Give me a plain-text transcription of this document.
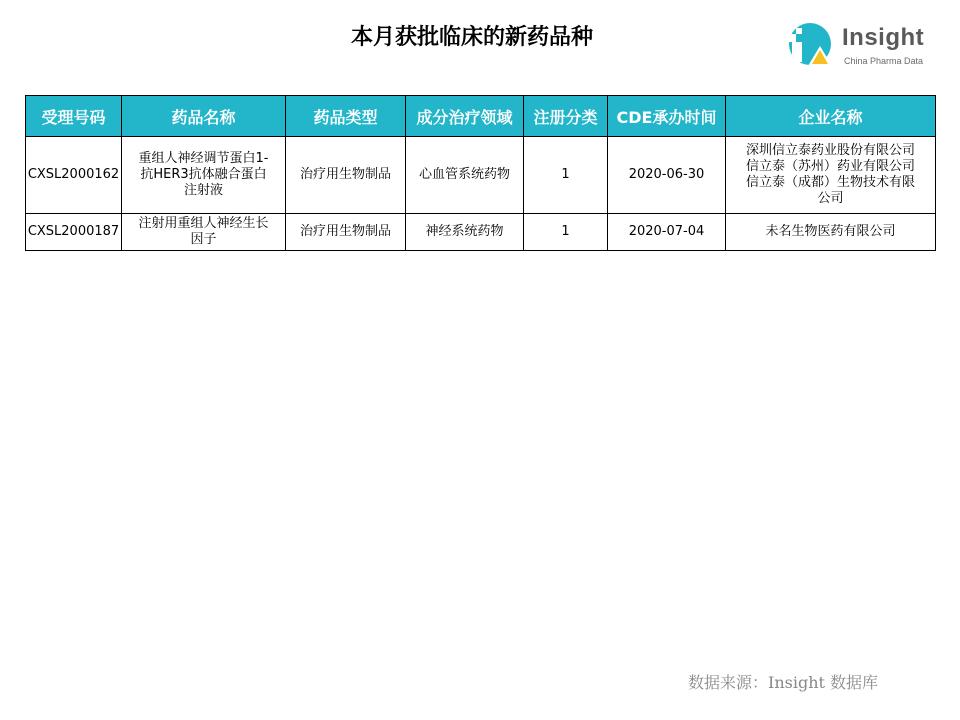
本月获批临床的新药品种	Insight
China Pharma Data
受理号码	药品名称	药品类型	成分治疗领域	注册分类	CDE承办时间	企业名称
CXSL2000162	重组人神经调节蛋白1-
抗HER3抗体融合蛋白
注射液	治疗用生物制品	心血管系统药物	1	2020-06-30	深圳信立泰药业股份有限公司
信立泰（苏州）药业有限公司
信立泰（成都）生物技术有限
公司
CXSL2000187	注射用重组人神经生长
因子	治疗用生物制品	神经系统药物	1	2020-07-04	未名生物医药有限公司
数据来源：Insight 数据库
